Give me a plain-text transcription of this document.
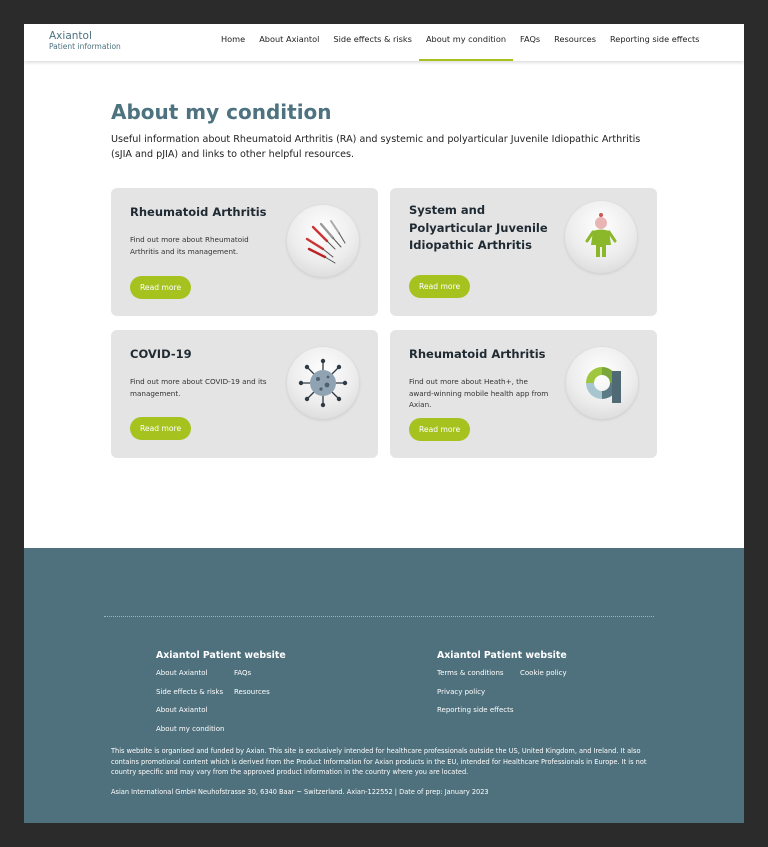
Axiantol
Patient information
Home	About Axiantol	Side effects & risks	About my condition	FAQs	Resources	Reporting side effects
About my condition

Useful information about Rheumatoid Arthritis (RA) and systemic and polyarticular Juvenile Idiopathic Arthritis (sJIA and pJIA) and links to other helpful resources.

Rheumatoid Arthritis
Find out more about Rheumatoid Arthritis and its management.
Read more
System and Polyarticular Juvenile Idiopathic Arthritis
Read more
COVID-19
Find out more about COVID-19 and its management.
Read more
Rheumatoid Arthritis
Find out more about Heath+, the award-winning mobile health app from Axian.
Read more
Axiantol Patient website
About Axiantol	FAQs
Side effects & risks Resources
About Axiantol
About my condition
Axiantol Patient website
Terms & conditions Cookie policy
Privacy policy
Reporting side effects

This website is organised and funded by Axian. This site is exclusively intended for healthcare professionals outside the US, United Kingdom, and Ireland. It also contains promotional content which is derived from the Product Information for Axian products in the EU, intended for Healthcare Professionals in Europe. It is not country specific and may vary from the approved product information in the country where you are located.

Asian International GmbH Neuhofstrasse 30, 6340 Baar ~ Switzerland. Axian-122552 | Date of prep: January 2023
